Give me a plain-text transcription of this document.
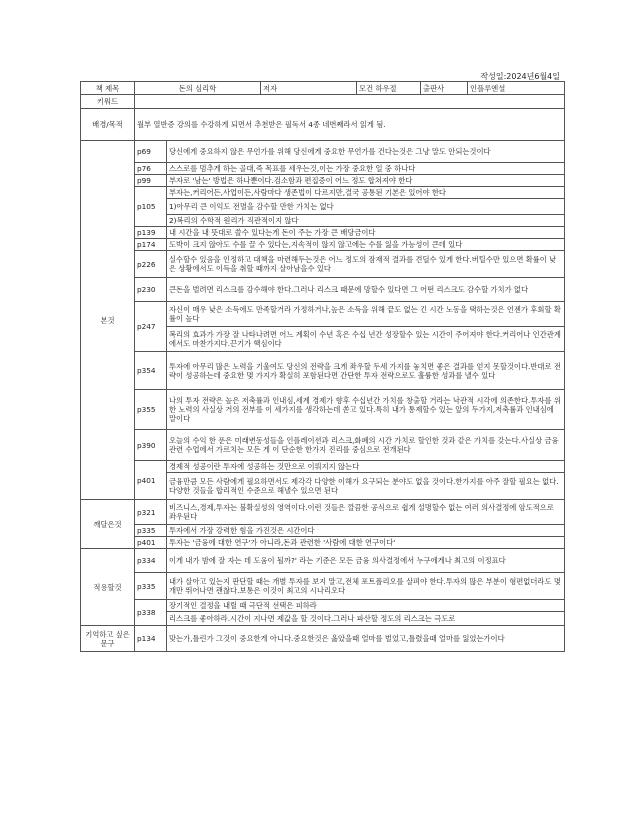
작성일:2024년6월4일
책 제목	돈의 심리학		저자	모건 하우절	출판사	인플루엔셜
키워드						
배경/목적	월부 열반증 강의를 수강하게 되면서 추천받은 필독서 4종 네번째라서 읽게 됨.					
본것	p69	당신에게 중요하지 않은 무언가를 위해 당신에게 중요한 무언가를 건다는것은 그냥 말도 안되는것이다				
	p76	스스로를 멈추게 하는 골대,즉 목표를 세우는것,이는 가장 중요한 일 중 하나다				
	p99	부자로 '남는' 방법은 하나뿐이다.검소함과 편집증이 어느 정도 합쳐져야 한다				
	p105	부자는,커리어든,사업이든,사람마다 생존법이 다르지만,결국 공통된 기본은 있어야 한다				
		1)아무리 큰 이익도 전멸을 감수할 만한 가치는 없다				
		2)복리의 수학적 원리가 직관적이지 않다				
	p139	내 시간을 내 뜻대로 쓸수 있다는게 돈이 주는 가장 큰 배당금이다				
	p174	도박이 크지 않아도 수를 끌 수 있다는,지속적이 않지 않고에는 수를 잃을 가능성이 큰데 있다				
	p226	실수할수 있음을 인정하고 대책을 마련해두는것은 어느 정도의 잠재적 결과를 견딜수 있게 한다.버틸수만 있으면 확률이 낮은 상황에서도 이득을 취할 때까지 살아남을수 있다				
	p230	큰돈을 벌려면 리스크를 감수해야 한다.그러나 리스크 때문에 망할수 있다면 그 어떤 리스크도 감수할 가치가 없다				
	p247	자신이 매우 낮은 소득에도 만족할거라 가정하거나,높은 소득을 위해 끝도 없는 긴 시간 노동을 택하는것은 언젠가 후회할 확률이 높다				
		복리의 효과가 가장 잘 나타나려면 어느 계획이 수년 혹은 수십 년간 성장할수 있는 시간이 주어져야 한다.커리어나 인간관계에서도 마찬가지다.끈기가 핵심이다				
	p354	투자에 아무리 많은 노력을 기울여도 당신의 전략을 크게 좌우할 두세 가지를 놓치면 좋은 결과를 얻지 못할것이다.반대로 전략이 성공하는데 중요한 몇 가지가 확실히 포함된다면 간단한 투자 전략으로도 훌륭한 성과를 낼수 있다				
	p355	나의 투자 전략은 높은 저축률과 인내심,세계 경제가 향후 수십년간 가치를 창출할 거라는 낙관적 시각에 의존한다.투자를 위한 노력의 사실상 거의 전부를 이 세가지를 생각하는데 쏟고 있다.특히 내가 통제할수 있는 앞의 두가지,저축률과 인내심에 말이다				
	p390	오늘의 수익 한 푼은 미래변동성들을 인플레이션과 리스크,화폐의 시간 가치로 할인한 것과 같은 가치를 갖는다.사실상 금융 관련 수업에서 가르치는 모든 게 이 단순한 한가지 진리를 중심으로 전개된다				
	p401	경제적 성공이란 투자에 성공하는 것만으로 이뤄지지 않는다				
		금융만큼 모든 사람에게 필요하면서도 제각각 다양한 이해가 요구되는 분야도 없을 것이다.한가지를 아주 잘할 필요는 없다.다양한 것들을 합리적인 수준으로 해낼수 있으면 된다				
깨달은것	p321	비즈니스,경제,투자는 불확실성의 영역이다.이런 것들은 깔끔한 공식으로 쉽게 설명할수 없는 여러 의사결정에 암도적으로 좌우된다				
	p335	투자에서 가장 강력한 힘을 가진것은 시간이다				
	p401	투자는 '금융에 대한 연구'가 아니라,돈과 관련한 '사람에 대한 연구이다'				
적용할것	p334	이게 내가 밤에 잘 자는 데 도움이 될까?' 라는 기준은 모든 금융 의사결정에서 누구에게나 최고의 이정표다				
	p335	내가 살아고 있는지 판단할 때는 개별 투자를 보지 말고,전체 포트폴리오를 살펴야 한다.투자의 많은 부분이 형편없더라도 몇 개만 뛰어나면 괜찮다.보통은 이것이 최고의 시나리오다				
	p338	장기적인 결정을 내릴 때 극단적 선택은 피하라				
		리스크를 좋아하라.시간이 지나면 제값을 할 것이다.그러나 파산할 정도의 리스크는 극도로				
기억하고 싶은 문구	p134	맞는가,틀린가 그것이 중요한게 아니다.중요한것은 옳았을때 얼마를 벌었고,틀렸을때 얼마를 잃었는가이다				
